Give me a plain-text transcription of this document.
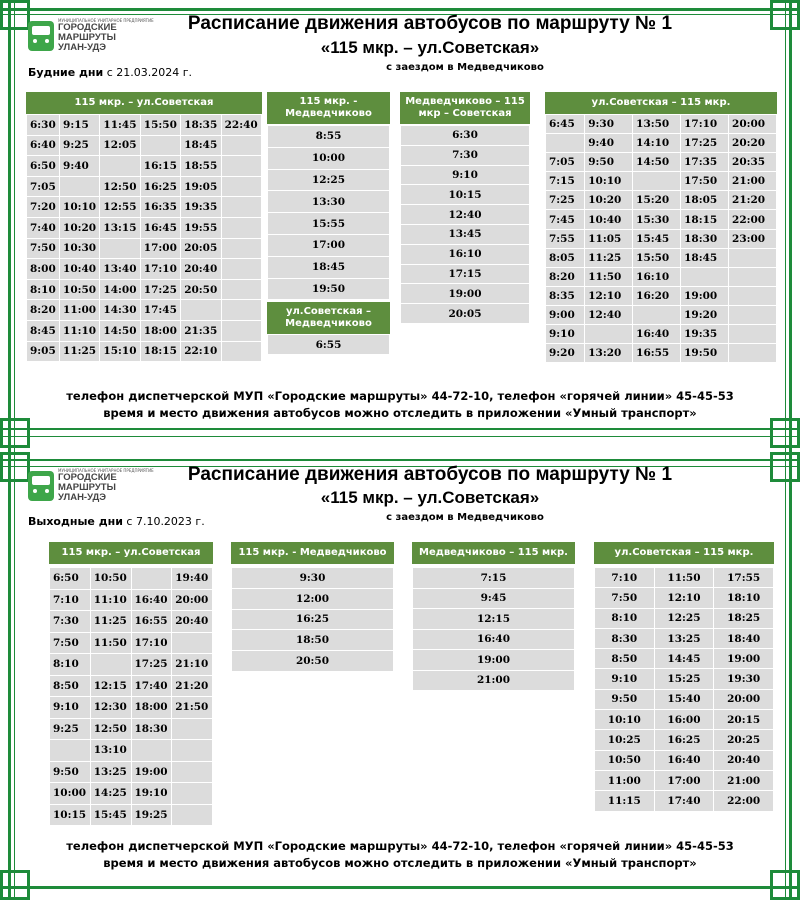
МУНИЦИПАЛЬНОЕ УНИТАРНОЕ ПРЕДПРИЯТИЕ
ГОРОДСКИЕ
МАРШРУТЫ
УЛАН-УДЭ
Расписание движения автобусов по маршруту № 1
«115 мкр. – ул.Советская»
с заездом в Медведчиково
Будние дни с 21.03.2024 г.
115 мкр. – ул.Советская
6:30	9:15	11:45	15:50	18:35	22:40
6:40	9:25	12:05		18:45	
6:50	9:40		16:15	18:55	
7:05		12:50	16:25	19:05	
7:20	10:10	12:55	16:35	19:35	
7:40	10:20	13:15	16:45	19:55	
7:50	10:30		17:00	20:05	
8:00	10:40	13:40	17:10	20:40	
8:10	10:50	14:00	17:25	20:50	
8:20	11:00	14:30	17:45		
8:45	11:10	14:50	18:00	21:35	
9:05	11:25	15:10	18:15	22:10	
115 мкр. - Медведчиково
8:55
10:00
12:25
13:30
15:55
17:00
18:45
19:50
ул.Советская – Медведчиково
6:55
Медведчиково – 115 мкр – Советская
6:30
7:30
9:10
10:15
12:40
13:45
16:10
17:15
19:00
20:05
ул.Советская – 115 мкр.
6:45	9:30	13:50	17:10	20:00
	9:40	14:10	17:25	20:20
7:05	9:50	14:50	17:35	20:35
7:15	10:10		17:50	21:00
7:25	10:20	15:20	18:05	21:20
7:45	10:40	15:30	18:15	22:00
7:55	11:05	15:45	18:30	23:00
8:05	11:25	15:50	18:45	
8:20	11:50	16:10		
8:35	12:10	16:20	19:00	
9:00	12:40		19:20	
9:10		16:40	19:35	
9:20	13:20	16:55	19:50	
телефон диспетчерской МУП «Городские маршруты» 44-72-10, телефон «горячей линии» 45-45-53
время и место движения автобусов можно отследить в приложении «Умный транспорт»
МУНИЦИПАЛЬНОЕ УНИТАРНОЕ ПРЕДПРИЯТИЕ
ГОРОДСКИЕ
МАРШРУТЫ
УЛАН-УДЭ
Расписание движения автобусов по маршруту № 1
«115 мкр. – ул.Советская»
с заездом в Медведчиково
Выходные дни с 7.10.2023 г.
115 мкр. – ул.Советская
6:50	10:50		19:40
7:10	11:10	16:40	20:00
7:30	11:25	16:55	20:40
7:50	11:50	17:10	
8:10		17:25	21:10
8:50	12:15	17:40	21:20
9:10	12:30	18:00	21:50
9:25	12:50	18:30	
	13:10		
9:50	13:25	19:00	
10:00	14:25	19:10	
10:15	15:45	19:25	
115 мкр. - Медведчиково
9:30
12:00
16:25
18:50
20:50
Медведчиково – 115 мкр.
7:15
9:45
12:15
16:40
19:00
21:00
ул.Советская – 115 мкр.
7:10	11:50	17:55
7:50	12:10	18:10
8:10	12:25	18:25
8:30	13:25	18:40
8:50	14:45	19:00
9:10	15:25	19:30
9:50	15:40	20:00
10:10	16:00	20:15
10:25	16:25	20:25
10:50	16:40	20:40
11:00	17:00	21:00
11:15	17:40	22:00
телефон диспетчерской МУП «Городские маршруты» 44-72-10, телефон «горячей линии» 45-45-53
время и место движения автобусов можно отследить в приложении «Умный транспорт»
